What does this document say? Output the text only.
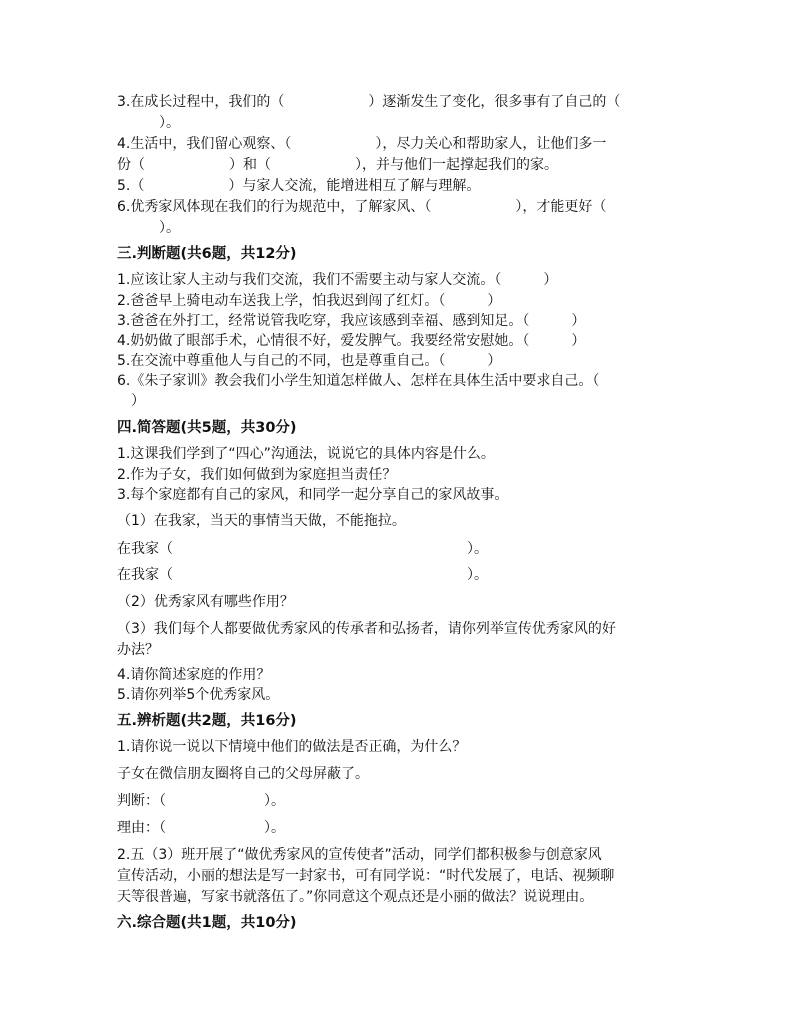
3.在成长过程中，我们的（　　　　　　）逐渐发生了变化，很多事有了自己的（
　　　）。
4.生活中，我们留心观察、（　　　　　　），尽力关心和帮助家人，让他们多一
份（　　　　　　）和（　　　　　　），并与他们一起撑起我们的家。
5.（　　　　　　）与家人交流，能增进相互了解与理解。
6.优秀家风体现在我们的行为规范中，了解家风、（　　　　　　），才能更好（
　　　）。
三.判断题(共6题，共12分)
1.应该让家人主动与我们交流，我们不需要主动与家人交流。（　　　）
2.爸爸早上骑电动车送我上学，怕我迟到闯了红灯。（　　　）
3.爸爸在外打工，经常说管我吃穿，我应该感到幸福、感到知足。（　　　）
4.奶奶做了眼部手术，心情很不好，爱发脾气。我要经常安慰她。（　　　）
5.在交流中尊重他人与自己的不同，也是尊重自己。（　　　）
6.《朱子家训》教会我们小学生知道怎样做人、怎样在具体生活中要求自己。（
　）
四.简答题(共5题，共30分)
1.这课我们学到了“四心”沟通法，说说它的具体内容是什么。
2.作为子女，我们如何做到为家庭担当责任？
3.每个家庭都有自己的家风，和同学一起分享自己的家风故事。
（1）在我家，当天的事情当天做，不能拖拉。
在我家（　　　　　　　　　　　　　　　　　　　　　）。
在我家（　　　　　　　　　　　　　　　　　　　　　）。
（2）优秀家风有哪些作用？
（3）我们每个人都要做优秀家风的传承者和弘扬者，请你列举宣传优秀家风的好
办法？
4.请你简述家庭的作用？
5.请你列举5个优秀家风。
五.辨析题(共2题，共16分)
1.请你说一说以下情境中他们的做法是否正确，为什么？
子女在微信朋友圈将自己的父母屏蔽了。
判断：（　　　　　　　）。
理由：（　　　　　　　）。
2.五（3）班开展了“做优秀家风的宣传使者”活动，同学们都积极参与创意家风
宣传活动，小丽的想法是写一封家书，可有同学说：“时代发展了，电话、视频聊
天等很普遍，写家书就落伍了。”你同意这个观点还是小丽的做法？说说理由。
六.综合题(共1题，共10分)
